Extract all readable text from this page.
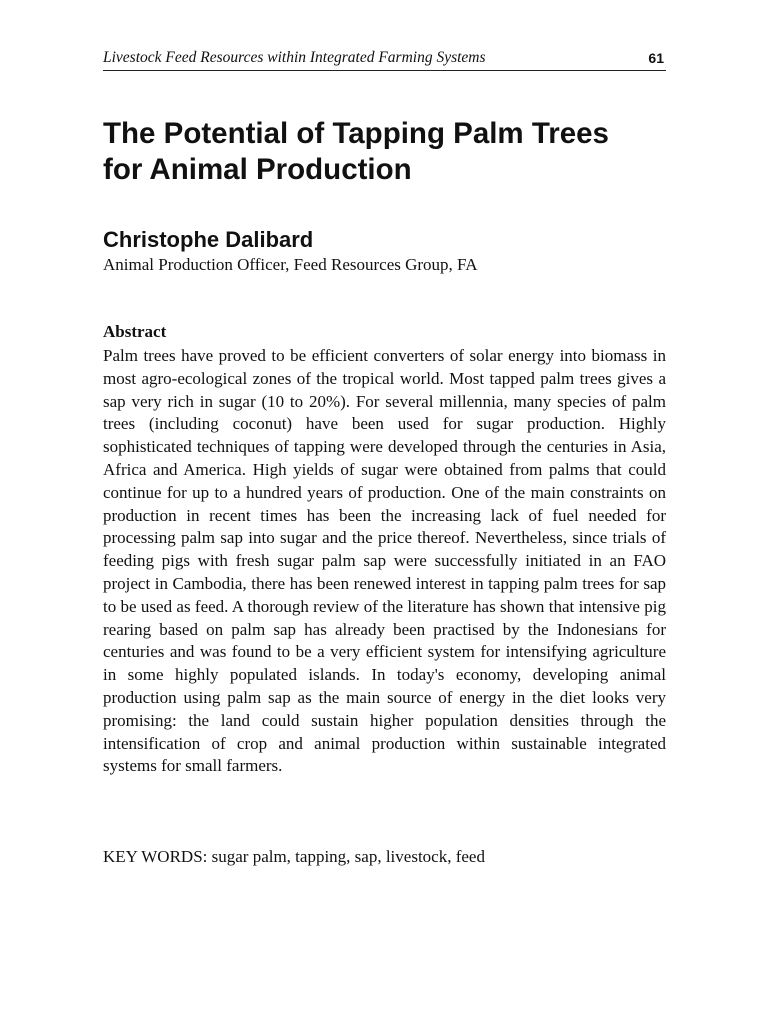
Livestock Feed Resources within Integrated Farming Systems	61
The Potential of Tapping Palm Trees
for Animal Production
Christophe Dalibard
Animal Production Officer, Feed Resources Group, FA
Abstract

Palm trees have proved to be efficient converters of solar energy into biomass in most agro-ecological zones of the tropical world. Most tapped palm trees gives a sap very rich in sugar (10 to 20%). For several millennia, many species of palm trees (including coconut) have been used for sugar production. Highly sophisticated techniques of tapping were developed through the centuries in Asia, Africa and America. High yields of sugar were obtained from palms that could continue for up to a hundred years of production. One of the main constraints on production in recent times has been the increasing lack of fuel needed for processing palm sap into sugar and the price thereof. Nevertheless, since trials of feeding pigs with fresh sugar palm sap were successfully initiated in an FAO project in Cambodia, there has been renewed interest in tapping palm trees for sap to be used as feed. A thorough review of the literature has shown that intensive pig rearing based on palm sap has already been practised by the Indonesians for centuries and was found to be a very efficient system for intensifying agriculture in some highly populated islands. In today's economy, developing animal production using palm sap as the main source of energy in the diet looks very promising: the land could sustain higher population densities through the intensification of crop and animal production within sustainable integrated systems for small farmers.

KEY WORDS: sugar palm, tapping, sap, livestock, feed
